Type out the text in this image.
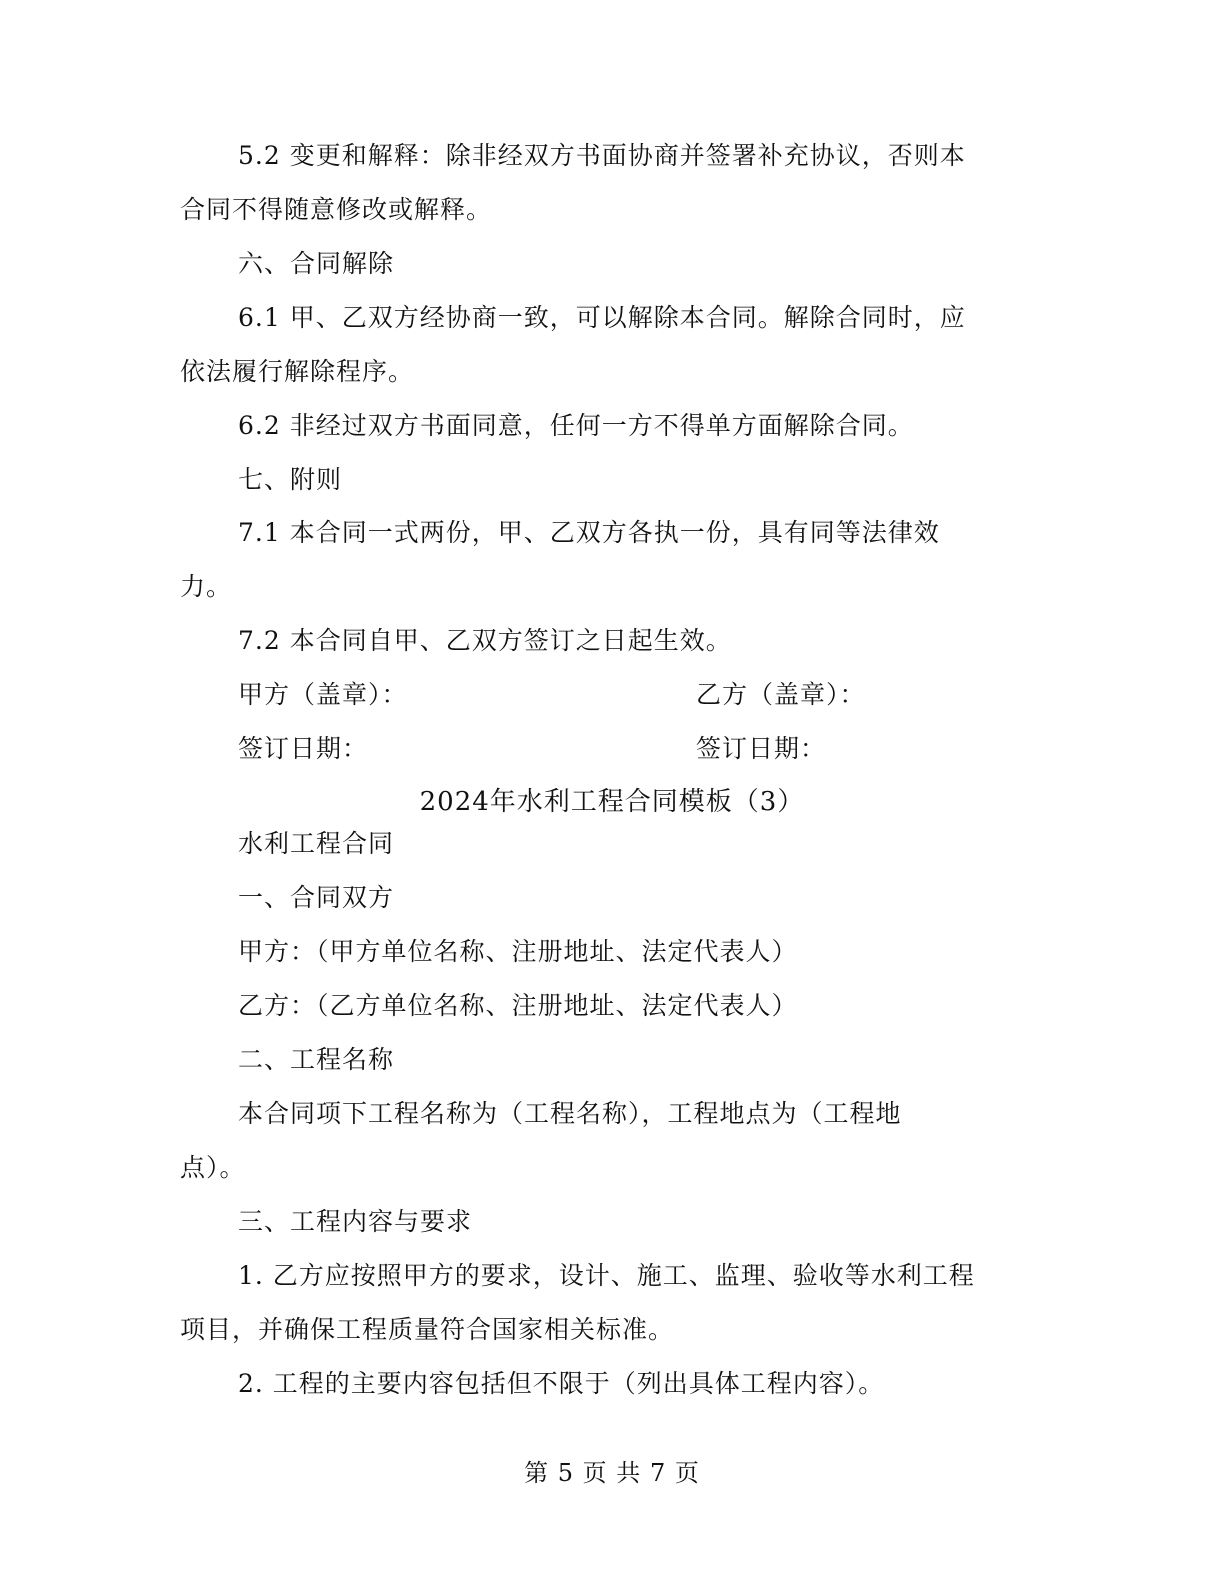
5.2 变更和解释：除非经双方书面协商并签署补充协议，否则本
合同不得随意修改或解释。
六、合同解除
6.1 甲、乙双方经协商一致，可以解除本合同。解除合同时，应
依法履行解除程序。
6.2 非经过双方书面同意，任何一方不得单方面解除合同。
七、附则
7.1 本合同一式两份，甲、乙双方各执一份，具有同等法律效
力。
7.2 本合同自甲、乙双方签订之日起生效。
甲方（盖章）：	乙方（盖章）：
签订日期：	签订日期：
2024年水利工程合同模板（3）
水利工程合同
一、合同双方
甲方：（甲方单位名称、注册地址、法定代表人）
乙方：（乙方单位名称、注册地址、法定代表人）
二、工程名称
本合同项下工程名称为（工程名称），工程地点为（工程地
点）。
三、工程内容与要求
1. 乙方应按照甲方的要求，设计、施工、监理、验收等水利工程
项目，并确保工程质量符合国家相关标准。
2. 工程的主要内容包括但不限于（列出具体工程内容）。
第 5 页 共 7 页
